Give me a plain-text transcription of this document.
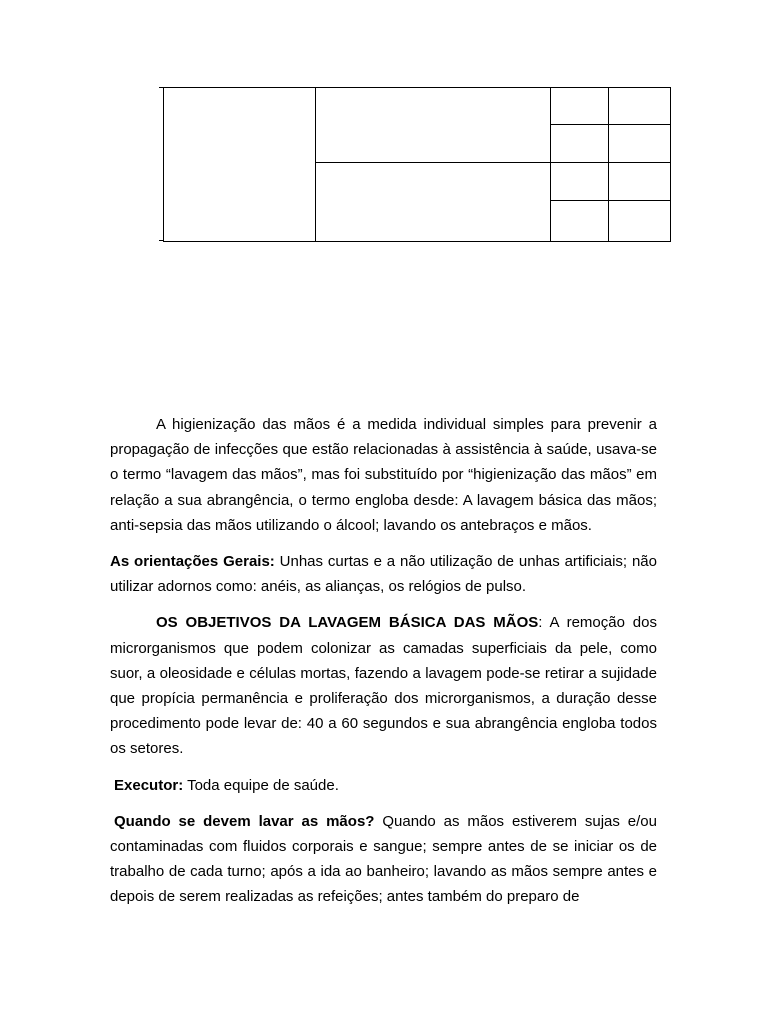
A higienização das mãos é a medida individual simples para prevenir a propagação de infecções que estão relacionadas à assistência à saúde, usava-se o termo “lavagem das mãos”, mas foi substituído por “higienização das mãos” em relação a sua abrangência, o termo engloba desde: A lavagem básica das mãos; anti-sepsia das mãos utilizando o álcool; lavando os antebraços e mãos.

As orientações Gerais: Unhas curtas e a não utilização de unhas artificiais; não utilizar adornos como: anéis, as alianças, os relógios de pulso.

OS OBJETIVOS DA LAVAGEM BÁSICA DAS MÃOS: A remoção dos microrganismos que podem colonizar as camadas superficiais da pele, como suor, a oleosidade e células mortas, fazendo a lavagem pode-se retirar a sujidade que propícia permanência e proliferação dos microrganismos, a duração desse procedimento pode levar de: 40 a 60 segundos e sua abrangência engloba todos os setores.

Executor: Toda equipe de saúde.

Quando se devem lavar as mãos? Quando as mãos estiverem sujas e/ou contaminadas com fluidos corporais e sangue; sempre antes de se iniciar os de trabalho de cada turno; após a ida ao banheiro; lavando as mãos sempre antes e depois de serem realizadas as refeições; antes também do preparo de
